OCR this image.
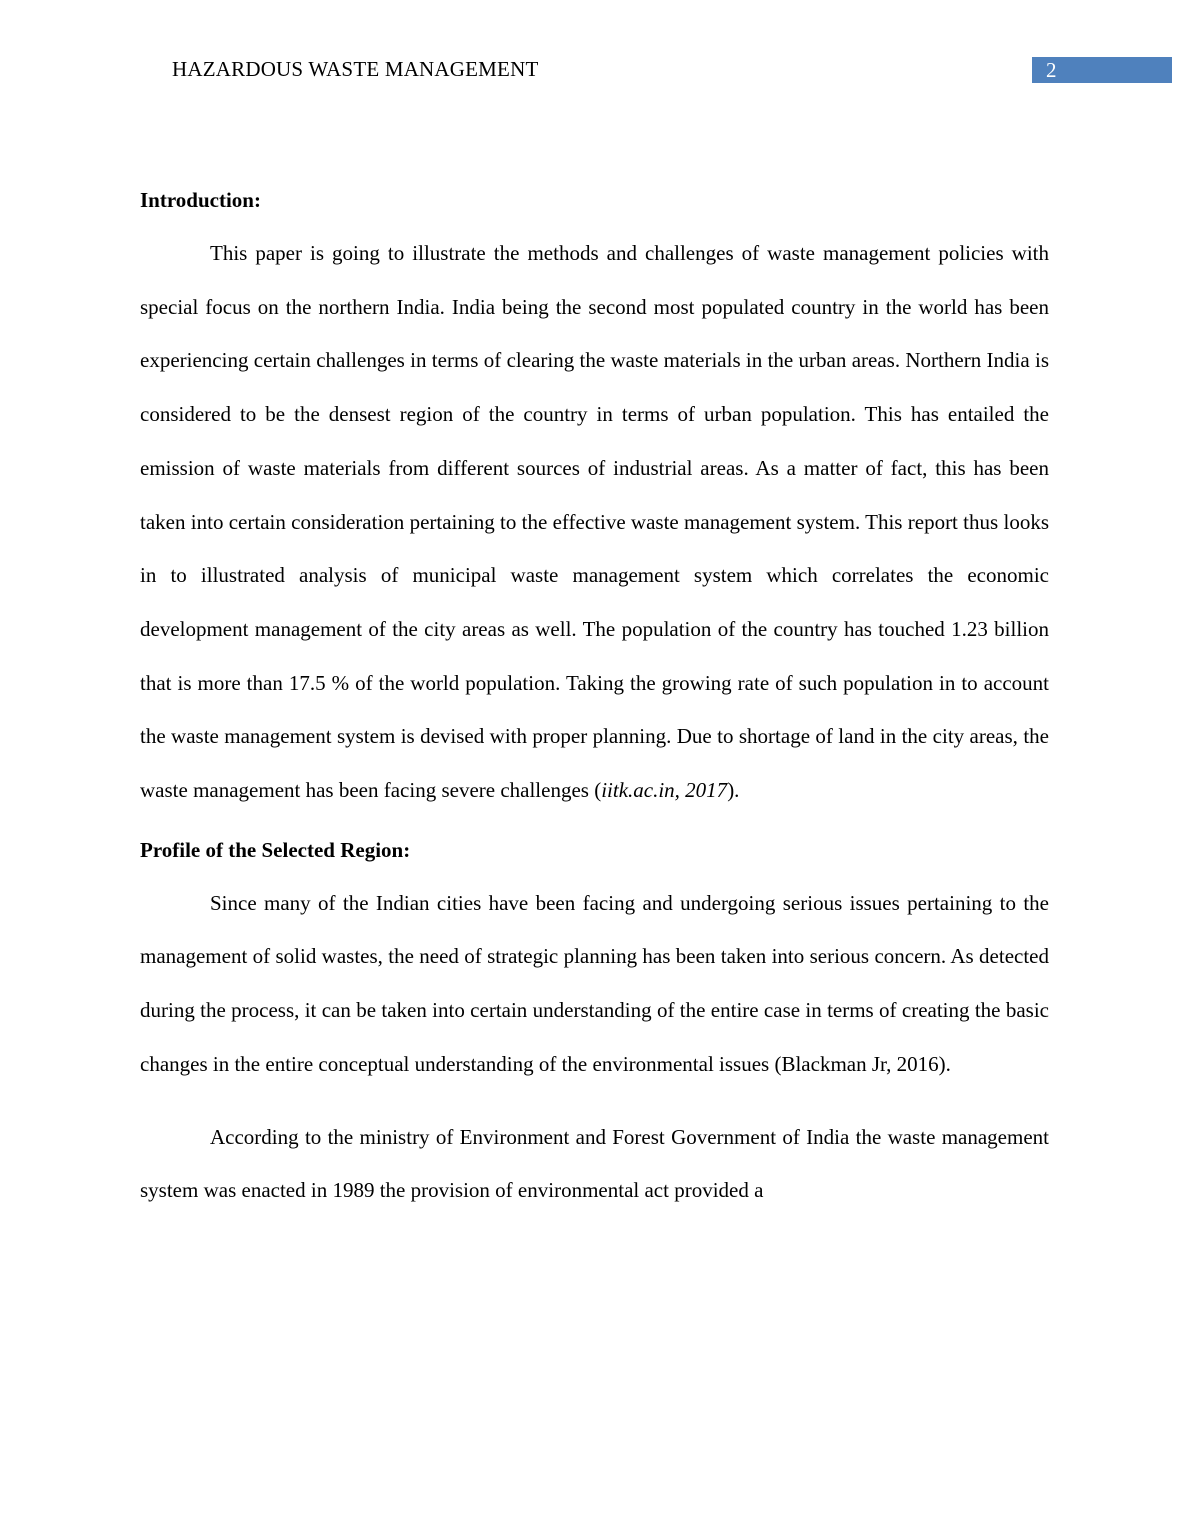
HAZARDOUS WASTE MANAGEMENT	2

Introduction:

This paper is going to illustrate the methods and challenges of waste management policies with special focus on the northern India. India being the second most populated country in the world has been experiencing certain challenges in terms of clearing the waste materials in the urban areas. Northern India is considered to be the densest region of the country in terms of urban population. This has entailed the emission of waste materials from different sources of industrial areas. As a matter of fact, this has been taken into certain consideration pertaining to the effective waste management system. This report thus looks in to illustrated analysis of municipal waste management system which correlates the economic development management of the city areas as well. The population of the country has touched 1.23 billion that is more than 17.5 % of the world population. Taking the growing rate of such population in to account the waste management system is devised with proper planning. Due to shortage of land in the city areas, the waste management has been facing severe challenges (iitk.ac.in, 2017).

Profile of the Selected Region:

Since many of the Indian cities have been facing and undergoing serious issues pertaining to the management of solid wastes, the need of strategic planning has been taken into serious concern. As detected during the process, it can be taken into certain understanding of the entire case in terms of creating the basic changes in the entire conceptual understanding of the environmental issues (Blackman Jr, 2016).

According to the ministry of Environment and Forest Government of India the waste management system was enacted in 1989 the provision of environmental act provided a
